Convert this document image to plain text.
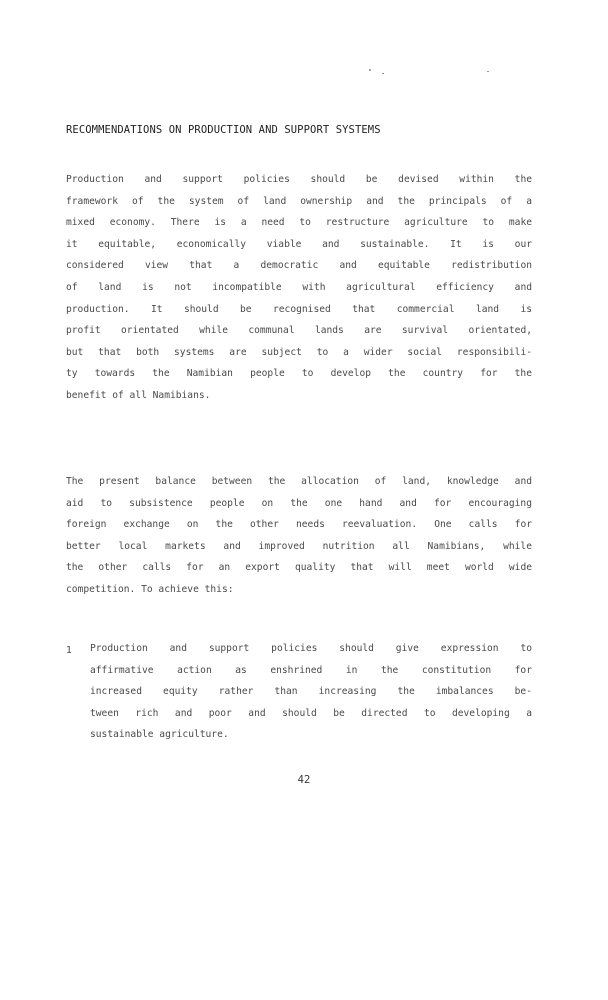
RECOMMENDATIONS ON PRODUCTION AND SUPPORT SYSTEMS
Production and support policies should be devised within the
framework of the system of land ownership and the principals of a
mixed economy. There is a need to restructure agriculture to make
it equitable, economically viable and sustainable. It is our
considered view that a democratic and equitable redistribution
of land is not incompatible with agricultural efficiency and
production. It should be recognised that commercial land is
profit orientated while communal lands are survival orientated,
but that both systems are subject to a wider social responsibili-
ty towards the Namibian people to develop the country for the
benefit of all Namibians.
The present balance between the allocation of land, knowledge and
aid to subsistence people on the one hand and for encouraging
foreign exchange on the other needs reevaluation. One calls for
better local markets and improved nutrition all Namibians, while
the other calls for an export quality that will meet world wide
competition. To achieve this:
1 Production and support policies should give expression to
affirmative action as enshrined in the constitution for
increased equity rather than increasing the imbalances be-
tween rich and poor and should be directed to developing a
sustainable agriculture.
42
